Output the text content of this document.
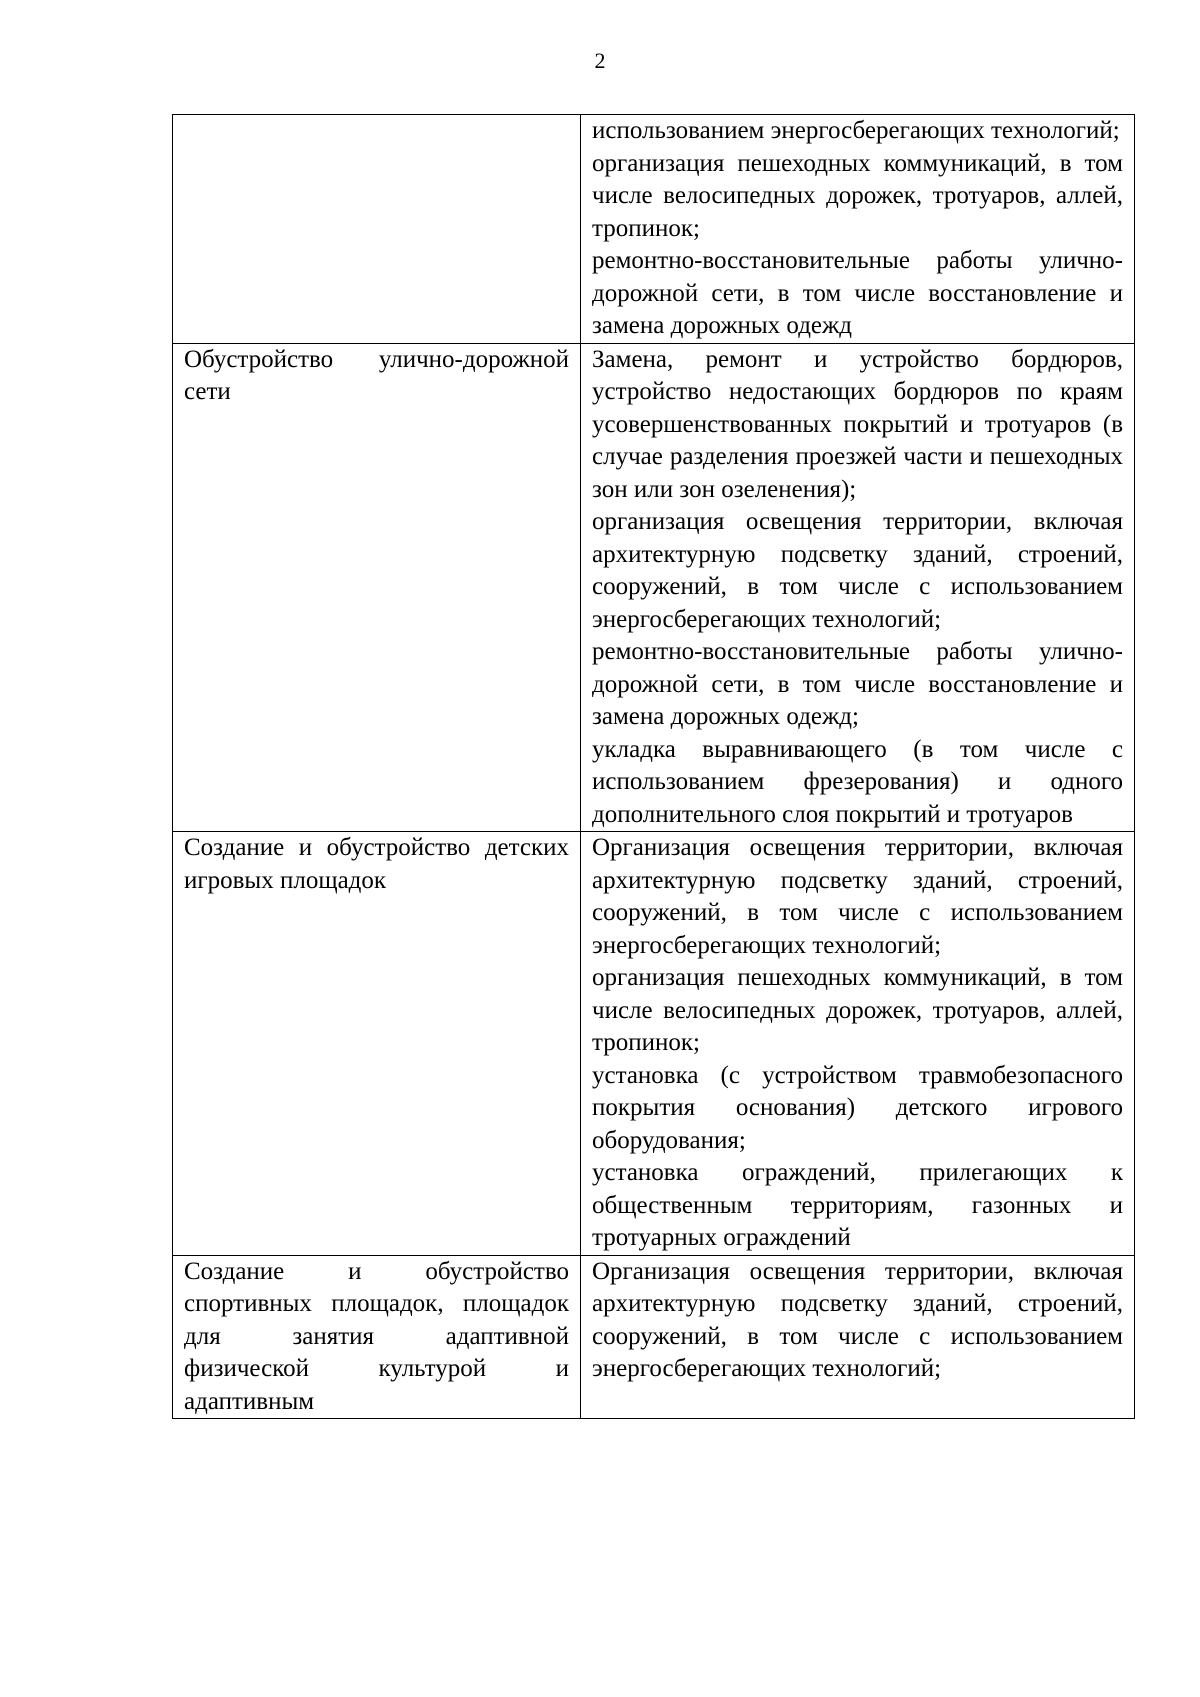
2

	использованием энергосберегающих технологий;
организация пешеходных коммуникаций, в том числе велосипедных дорожек, тротуаров, аллей, тропинок;
ремонтно-восстановительные работы улично-дорожной сети, в том числе восстановление и замена дорожных одежд

Обустройство улично-дорожной сети	Замена, ремонт и устройство бордюров, устройство недостающих бордюров по краям усовершенствованных покрытий и тротуаров (в случае разделения проезжей части и пешеходных зон или зон озеленения);
организация освещения территории, включая архитектурную подсветку зданий, строений, сооружений, в том числе с использованием энергосберегающих технологий;
ремонтно-восстановительные работы улично-дорожной сети, в том числе восстановление и замена дорожных одежд;
укладка выравнивающего (в том числе с использованием фрезерования) и одного дополнительного слоя покрытий и тротуаров

Создание и обустройство детских игровых площадок	Организация освещения территории, включая архитектурную подсветку зданий, строений, сооружений, в том числе с использованием энергосберегающих технологий;
организация пешеходных коммуникаций, в том числе велосипедных дорожек, тротуаров, аллей, тропинок;
установка (с устройством травмобезопасного покрытия основания) детского игрового оборудования;
установка ограждений, прилегающих к общественным территориям, газонных и тротуарных ограждений

Создание и обустройство спортивных площадок, площадок для занятия адаптивной физической культурой и адаптивным	Организация освещения территории, включая архитектурную подсветку зданий, строений, сооружений, в том числе с использованием энергосберегающих технологий;
